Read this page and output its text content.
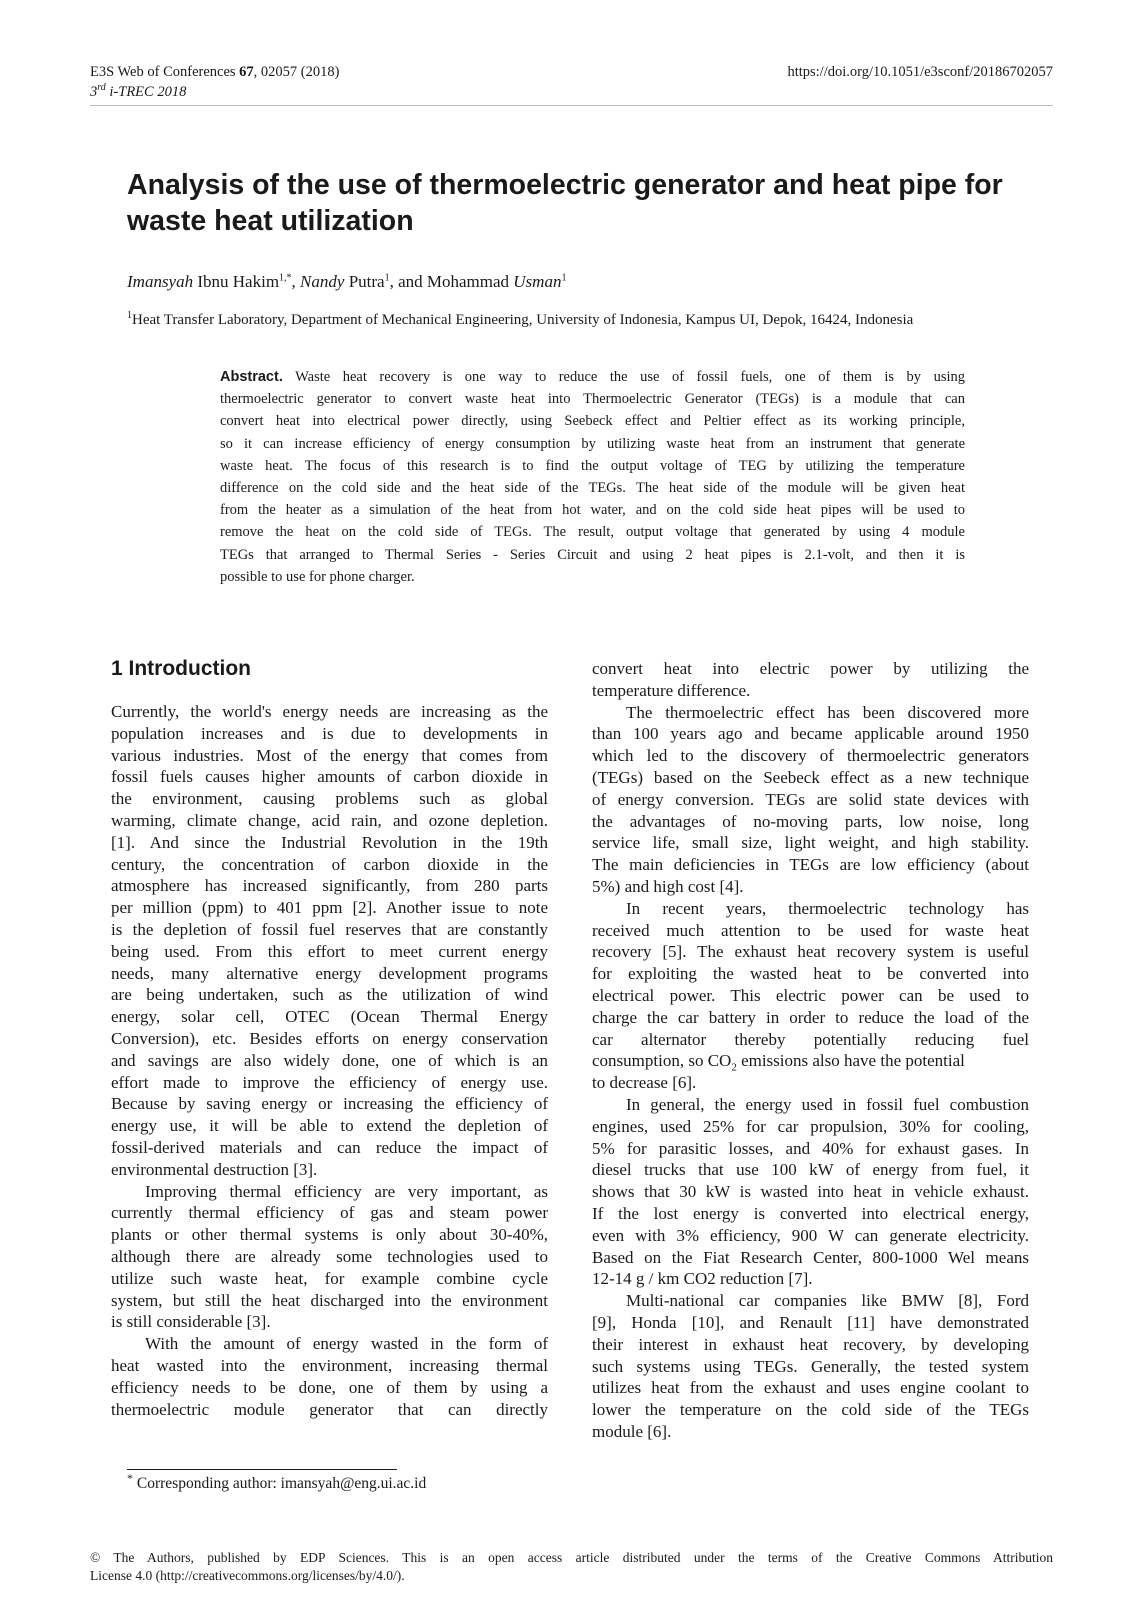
E3S Web of Conferences 67, 02057 (2018)
3rd i-TREC 2018
https://doi.org/10.1051/e3sconf/20186702057
Analysis of the use of thermoelectric generator and heat pipe for
waste heat utilization
Imansyah Ibnu Hakim$^{1,*}$, Nandy Putra$^1$, and Mohammad Usman$^1$
$^1$Heat Transfer Laboratory, Department of Mechanical Engineering, University of Indonesia, Kampus UI, Depok, 16424, Indonesia
Abstract. Waste heat recovery is one way to reduce the use of fossil fuels, one of them is by using
thermoelectric generator to convert waste heat into Thermoelectric Generator (TEGs) is a module that can
convert heat into electrical power directly, using Seebeck effect and Peltier effect as its working principle,
so it can increase efficiency of energy consumption by utilizing waste heat from an instrument that generate
waste heat. The focus of this research is to find the output voltage of TEG by utilizing the temperature
difference on the cold side and the heat side of the TEGs. The heat side of the module will be given heat
from the heater as a simulation of the heat from hot water, and on the cold side heat pipes will be used to
remove the heat on the cold side of TEGs. The result, output voltage that generated by using 4 module
TEGs that arranged to Thermal Series - Series Circuit and using 2 heat pipes is 2.1-volt, and then it is
possible to use for phone charger.
1 Introduction
Currently, the world's energy needs are increasing as the
population increases and is due to developments in
various industries. Most of the energy that comes from
fossil fuels causes higher amounts of carbon dioxide in
the environment, causing problems such as global
warming, climate change, acid rain, and ozone depletion.
[1]. And since the Industrial Revolution in the 19th
century, the concentration of carbon dioxide in the
atmosphere has increased significantly, from 280 parts
per million (ppm) to 401 ppm [2]. Another issue to note
is the depletion of fossil fuel reserves that are constantly
being used. From this effort to meet current energy
needs, many alternative energy development programs
are being undertaken, such as the utilization of wind
energy, solar cell, OTEC (Ocean Thermal Energy
Conversion), etc. Besides efforts on energy conservation
and savings are also widely done, one of which is an
effort made to improve the efficiency of energy use.
Because by saving energy or increasing the efficiency of
energy use, it will be able to extend the depletion of
fossil-derived materials and can reduce the impact of
environmental destruction [3].
Improving thermal efficiency are very important, as
currently thermal efficiency of gas and steam power
plants or other thermal systems is only about 30-40%,
although there are already some technologies used to
utilize such waste heat, for example combine cycle
system, but still the heat discharged into the environment
is still considerable [3].
With the amount of energy wasted in the form of
heat wasted into the environment, increasing thermal
efficiency needs to be done, one of them by using a
thermoelectric module generator that can directly
convert heat into electric power by utilizing the
temperature difference.
The thermoelectric effect has been discovered more
than 100 years ago and became applicable around 1950
which led to the discovery of thermoelectric generators
(TEGs) based on the Seebeck effect as a new technique
of energy conversion. TEGs are solid state devices with
the advantages of no-moving parts, low noise, long
service life, small size, light weight, and high stability.
The main deficiencies in TEGs are low efficiency (about
5%) and high cost [4].
In recent years, thermoelectric technology has
received much attention to be used for waste heat
recovery [5]. The exhaust heat recovery system is useful
for exploiting the wasted heat to be converted into
electrical power. This electric power can be used to
charge the car battery in order to reduce the load of the
car alternator thereby potentially reducing fuel
consumption, so $CO_2$ emissions also have the potential
to decrease [6].
In general, the energy used in fossil fuel combustion
engines, used 25% for car propulsion, 30% for cooling,
5% for parasitic losses, and 40% for exhaust gases. In
diesel trucks that use 100 kW of energy from fuel, it
shows that 30 kW is wasted into heat in vehicle exhaust.
If the lost energy is converted into electrical energy,
even with 3% efficiency, 900 W can generate electricity.
Based on the Fiat Research Center, 800-1000 Wel means
12-14 g / km CO2 reduction [7].
Multi-national car companies like BMW [8], Ford
[9], Honda [10], and Renault [11] have demonstrated
their interest in exhaust heat recovery, by developing
such systems using TEGs. Generally, the tested system
utilizes heat from the exhaust and uses engine coolant to
lower the temperature on the cold side of the TEGs
module [6].
* Corresponding author: imansyah@eng.ui.ac.id
© The Authors, published by EDP Sciences. This is an open access article distributed under the terms of the Creative Commons Attribution
License 4.0 (http://creativecommons.org/licenses/by/4.0/).
